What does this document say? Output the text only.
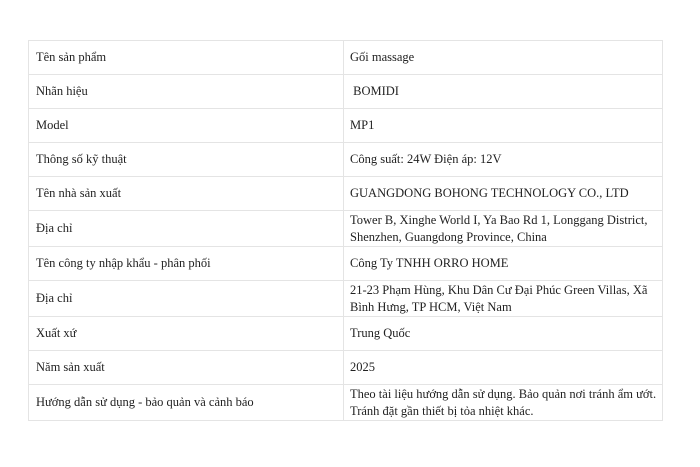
Tên sản phẩm	Gối massage
Nhãn hiệu	BOMIDI
Model	MP1
Thông số kỹ thuật	Công suất: 24W Điện áp: 12V
Tên nhà sản xuất	GUANGDONG BOHONG TECHNOLOGY CO., LTD
Địa chỉ	Tower B, Xinghe World I, Ya Bao Rd 1, Longgang District, Shenzhen, Guangdong Province, China
Tên công ty nhập khẩu - phân phối	Công Ty TNHH ORRO HOME
Địa chỉ	21-23 Phạm Hùng, Khu Dân Cư Đại Phúc Green Villas, Xã Bình Hưng, TP HCM, Việt Nam
Xuất xứ	Trung Quốc
Năm sản xuất	2025
Hướng dẫn sử dụng - bảo quản và cảnh báo	Theo tài liệu hướng dẫn sử dụng. Bảo quản nơi tránh ẩm ướt. Tránh đặt gần thiết bị tỏa nhiệt khác.
